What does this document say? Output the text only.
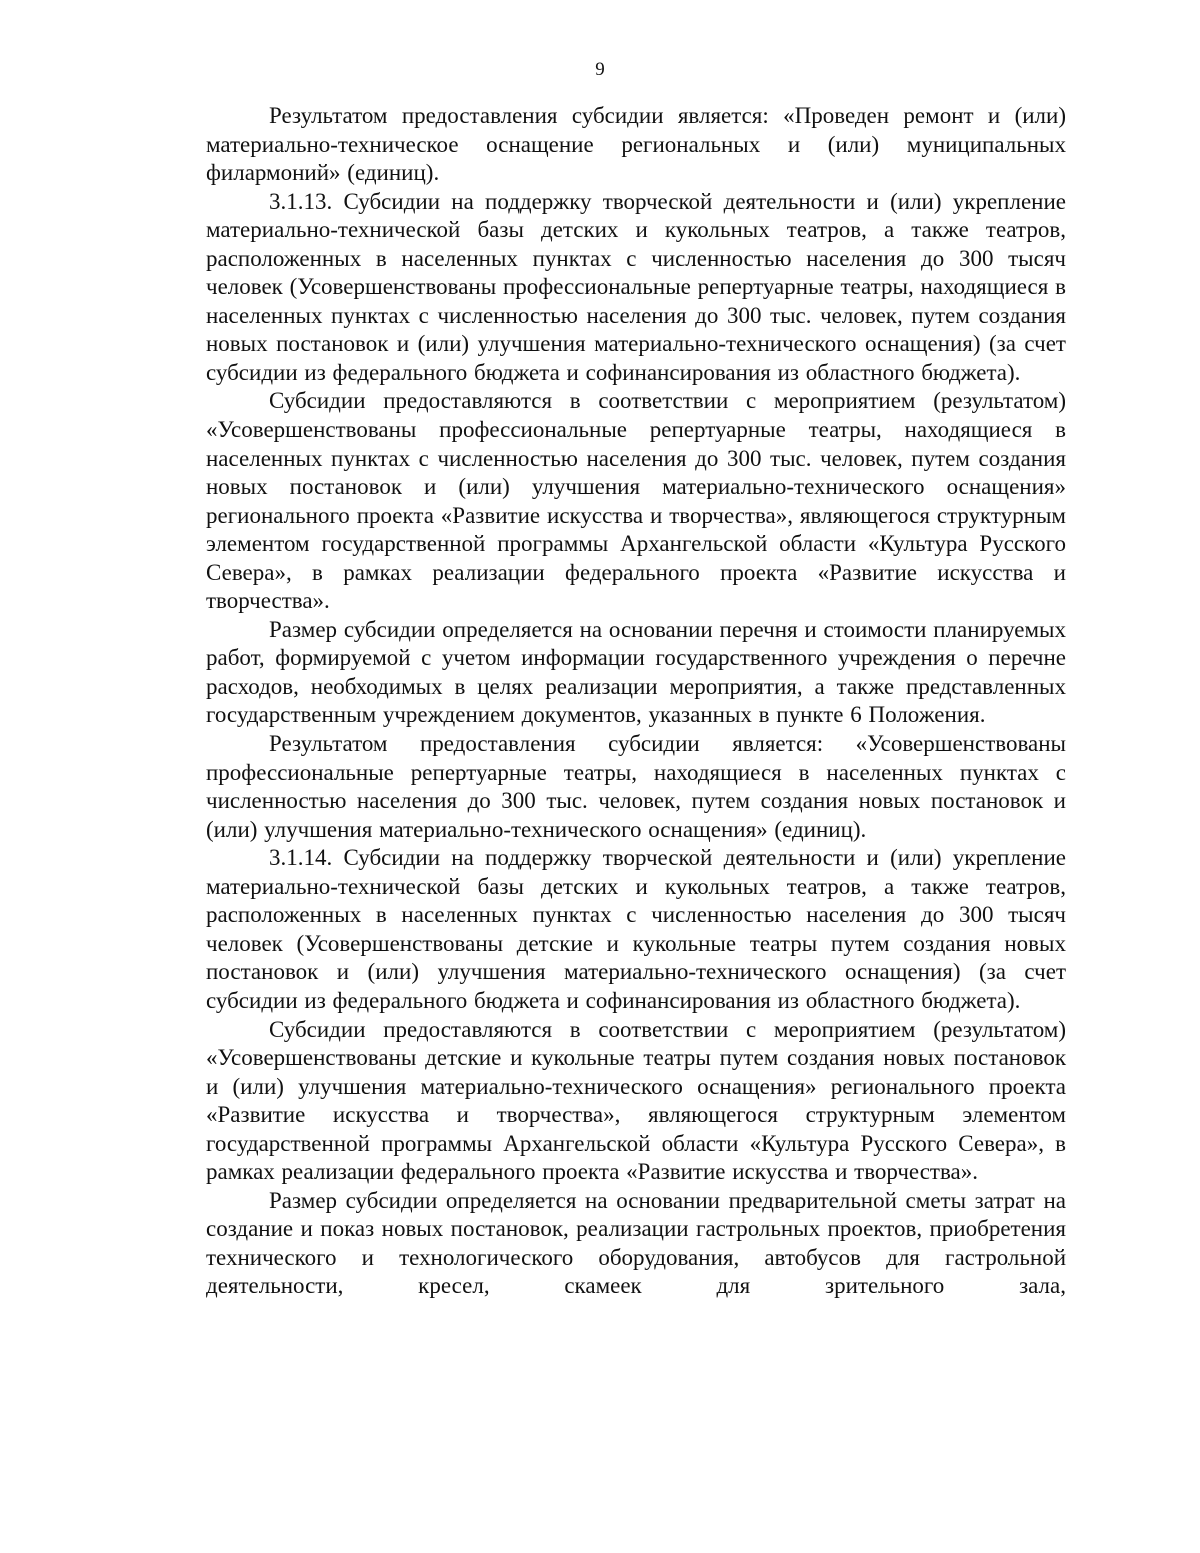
9

Результатом предоставления субсидии является: «Проведен ремонт и (или) материально-техническое оснащение региональных и (или) муниципальных филармоний» (единиц).

3.1.13. Субсидии на поддержку творческой деятельности и (или) укрепление материально-технической базы детских и кукольных театров, а также театров, расположенных в населенных пунктах с численностью населения до 300 тысяч человек (Усовершенствованы профессиональные репертуарные театры, находящиеся в населенных пунктах с численностью населения до 300 тыс. человек, путем создания новых постановок и (или) улучшения материально-технического оснащения) (за счет субсидии из федерального бюджета и софинансирования из областного бюджета).

Субсидии предоставляются в соответствии с мероприятием (результатом) «Усовершенствованы профессиональные репертуарные театры, находящиеся в населенных пунктах с численностью населения до 300 тыс. человек, путем создания новых постановок и (или) улучшения материально-технического оснащения» регионального проекта «Развитие искусства и творчества», являющегося структурным элементом государственной программы Архангельской области «Культура Русского Севера», в рамках реализации федерального проекта «Развитие искусства и творчества».

Размер субсидии определяется на основании перечня и стоимости планируемых работ, формируемой с учетом информации государственного учреждения о перечне расходов, необходимых в целях реализации мероприятия, а также представленных государственным учреждением документов, указанных в пункте 6 Положения.

Результатом предоставления субсидии является: «Усовершенствованы профессиональные репертуарные театры, находящиеся в населенных пунктах с численностью населения до 300 тыс. человек, путем создания новых постановок и (или) улучшения материально-технического оснащения» (единиц).

3.1.14. Субсидии на поддержку творческой деятельности и (или) укрепление материально-технической базы детских и кукольных театров, а также театров, расположенных в населенных пунктах с численностью населения до 300 тысяч человек (Усовершенствованы детские и кукольные театры путем создания новых постановок и (или) улучшения материально-технического оснащения) (за счет субсидии из федерального бюджета и софинансирования из областного бюджета).

Субсидии предоставляются в соответствии с мероприятием (результатом) «Усовершенствованы детские и кукольные театры путем создания новых постановок и (или) улучшения материально-технического оснащения» регионального проекта «Развитие искусства и творчества», являющегося структурным элементом государственной программы Архангельской области «Культура Русского Севера», в рамках реализации федерального проекта «Развитие искусства и творчества».

Размер субсидии определяется на основании предварительной сметы затрат на создание и показ новых постановок, реализации гастрольных проектов, приобретения технического и технологического оборудования, автобусов для гастрольной деятельности, кресел, скамеек для зрительного зала,
